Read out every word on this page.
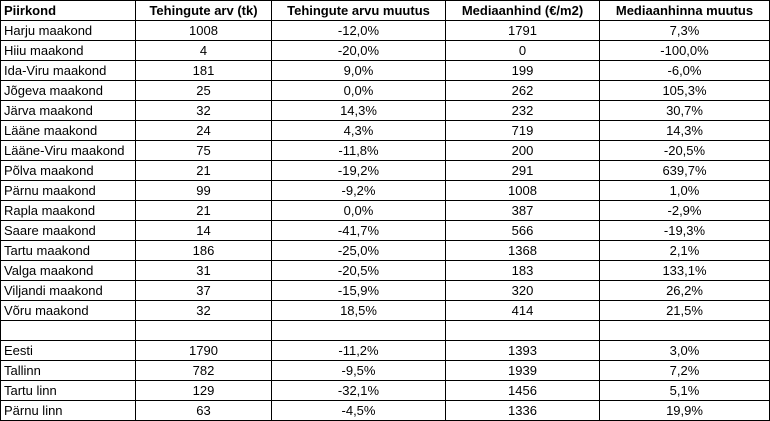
Piirkond	Tehingute arv (tk)	Tehingute arvu muutus	Mediaanhind (€/m2)	Mediaanhinna muutus
Harju maakond	1008	-12,0%	1791	7,3%
Hiiu maakond	4	-20,0%	0	-100,0%
Ida-Viru maakond	181	9,0%	199	-6,0%
Jõgeva maakond	25	0,0%	262	105,3%
Järva maakond	32	14,3%	232	30,7%
Lääne maakond	24	4,3%	719	14,3%
Lääne-Viru maakond	75	-11,8%	200	-20,5%
Põlva maakond	21	-19,2%	291	639,7%
Pärnu maakond	99	-9,2%	1008	1,0%
Rapla maakond	21	0,0%	387	-2,9%
Saare maakond	14	-41,7%	566	-19,3%
Tartu maakond	186	-25,0%	1368	2,1%
Valga maakond	31	-20,5%	183	133,1%
Viljandi maakond	37	-15,9%	320	26,2%
Võru maakond	32	18,5%	414	21,5%

Eesti	1790	-11,2%	1393	3,0%
Tallinn	782	-9,5%	1939	7,2%
Tartu linn	129	-32,1%	1456	5,1%
Pärnu linn	63	-4,5%	1336	19,9%
